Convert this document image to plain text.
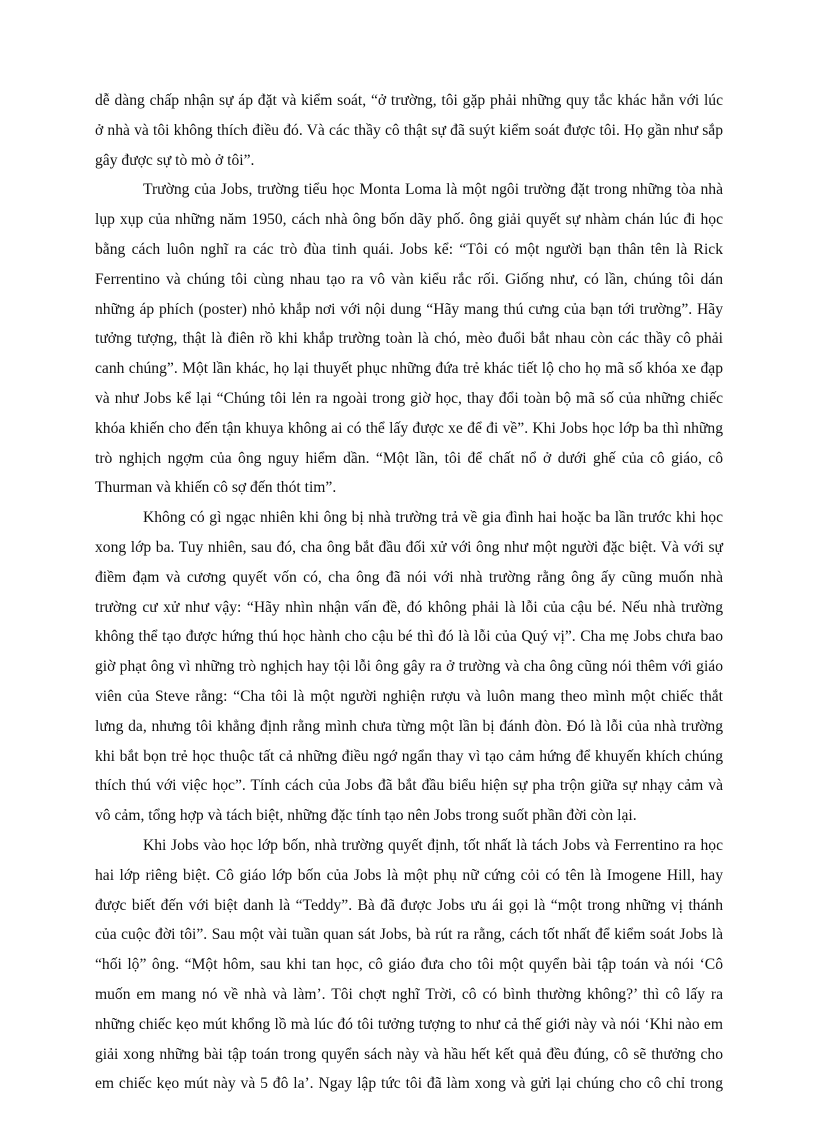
dễ dàng chấp nhận sự áp đặt và kiểm soát, “ở trường, tôi gặp phải những quy tắc khác hẳn với lúc
ở nhà và tôi không thích điều đó. Và các thầy cô thật sự đã suýt kiểm soát được tôi. Họ gần như sắp
gây được sự tò mò ở tôi”.
Trường của Jobs, trường tiểu học Monta Loma là một ngôi trường đặt trong những tòa nhà
lụp xụp của những năm 1950, cách nhà ông bốn dãy phố. ông giải quyết sự nhàm chán lúc đi học
bằng cách luôn nghĩ ra các trò đùa tinh quái. Jobs kể: “Tôi có một người bạn thân tên là Rick
Ferrentino và chúng tôi cùng nhau tạo ra vô vàn kiểu rắc rối. Giống như, có lần, chúng tôi dán
những áp phích (poster) nhỏ khắp nơi với nội dung “Hãy mang thú cưng của bạn tới trường”. Hãy
tưởng tượng, thật là điên rồ khi khắp trường toàn là chó, mèo đuổi bắt nhau còn các thầy cô phải
canh chúng”. Một lần khác, họ lại thuyết phục những đứa trẻ khác tiết lộ cho họ mã số khóa xe đạp
và như Jobs kể lại “Chúng tôi lẻn ra ngoài trong giờ học, thay đổi toàn bộ mã số của những chiếc
khóa khiến cho đến tận khuya không ai có thể lấy được xe để đi về”. Khi Jobs học lớp ba thì những
trò nghịch ngợm của ông nguy hiểm dần. “Một lần, tôi để chất nổ ở dưới ghế của cô giáo, cô
Thurman và khiến cô sợ đến thót tim”.
Không có gì ngạc nhiên khi ông bị nhà trường trả về gia đình hai hoặc ba lần trước khi học
xong lớp ba. Tuy nhiên, sau đó, cha ông bắt đầu đối xử với ông như một người đặc biệt. Và với sự
điềm đạm và cương quyết vốn có, cha ông đã nói với nhà trường rằng ông ấy cũng muốn nhà
trường cư xử như vậy: “Hãy nhìn nhận vấn đề, đó không phải là lỗi của cậu bé. Nếu nhà trường
không thể tạo được hứng thú học hành cho cậu bé thì đó là lỗi của Quý vị”. Cha mẹ Jobs chưa bao
giờ phạt ông vì những trò nghịch hay tội lỗi ông gây ra ở trường và cha ông cũng nói thêm với giáo
viên của Steve rằng: “Cha tôi là một người nghiện rượu và luôn mang theo mình một chiếc thắt
lưng da, nhưng tôi khẳng định rằng mình chưa từng một lần bị đánh đòn. Đó là lỗi của nhà trường
khi bắt bọn trẻ học thuộc tất cả những điều ngớ ngẩn thay vì tạo cảm hứng để khuyến khích chúng
thích thú với việc học”. Tính cách của Jobs đã bắt đầu biểu hiện sự pha trộn giữa sự nhạy cảm và
vô cảm, tổng hợp và tách biệt, những đặc tính tạo nên Jobs trong suốt phần đời còn lại.
Khi Jobs vào học lớp bốn, nhà trường quyết định, tốt nhất là tách Jobs và Ferrentino ra học
hai lớp riêng biệt. Cô giáo lớp bốn của Jobs là một phụ nữ cứng cỏi có tên là Imogene Hill, hay
được biết đến với biệt danh là “Teddy”. Bà đã được Jobs ưu ái gọi là “một trong những vị thánh
của cuộc đời tôi”. Sau một vài tuần quan sát Jobs, bà rút ra rằng, cách tốt nhất để kiểm soát Jobs là
“hối lộ” ông. “Một hôm, sau khi tan học, cô giáo đưa cho tôi một quyển bài tập toán và nói ‘Cô
muốn em mang nó về nhà và làm’. Tôi chợt nghĩ Trời, cô có bình thường không?’ thì cô lấy ra
những chiếc kẹo mút khổng lồ mà lúc đó tôi tưởng tượng to như cả thế giới này và nói ‘Khi nào em
giải xong những bài tập toán trong quyển sách này và hầu hết kết quả đều đúng, cô sẽ thưởng cho
em chiếc kẹo mút này và 5 đô la’. Ngay lập tức tôi đã làm xong và gửi lại chúng cho cô chỉ trong
